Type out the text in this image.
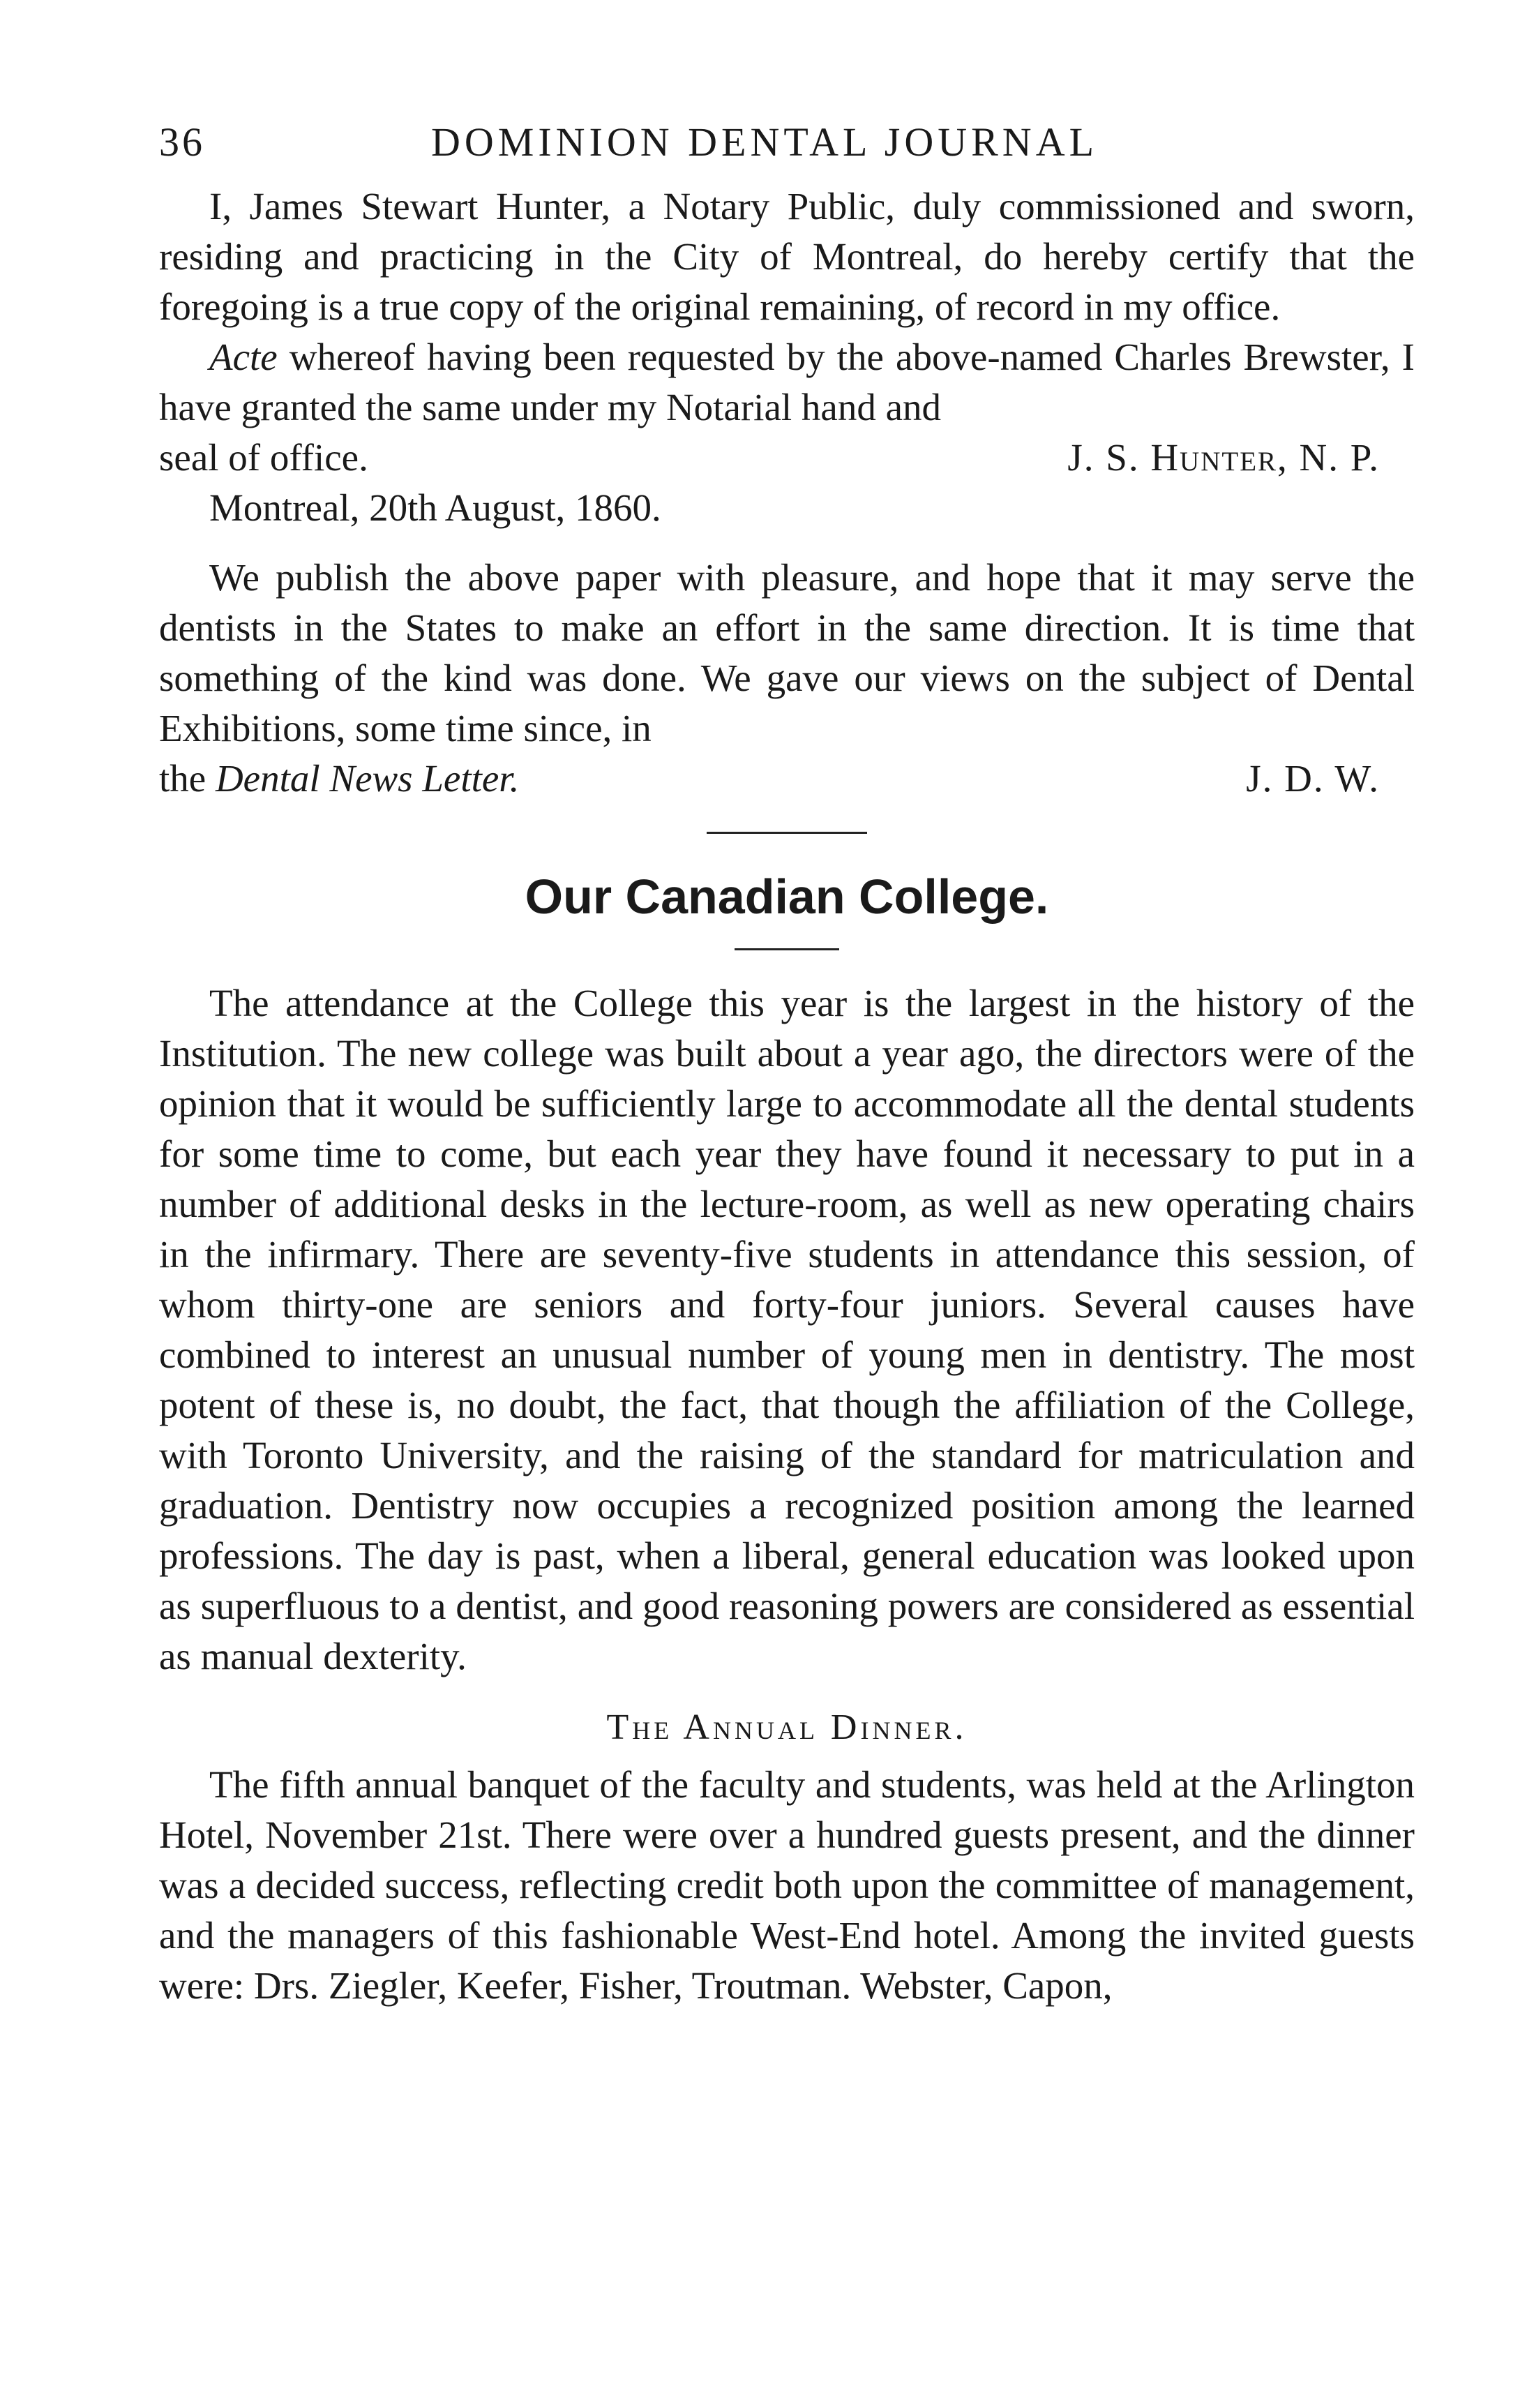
36	DOMINION DENTAL JOURNAL

I, James Stewart Hunter, a Notary Public, duly commissioned and sworn, residing and practicing in the City of Montreal, do hereby certify that the foregoing is a true copy of the original remaining, of record in my office.

Acte whereof having been requested by the above-named Charles Brewster, I have granted the same under my Notarial hand and

seal of office.	J. S. Hunter, N. P.

Montreal, 20th August, 1860.

We publish the above paper with pleasure, and hope that it may serve the dentists in the States to make an effort in the same direction. It is time that something of the kind was done. We gave our views on the subject of Dental Exhibitions, some time since, in

the Dental News Letter.	J. D. W.
Our Canadian College.

The attendance at the College this year is the largest in the history of the Institution. The new college was built about a year ago, the directors were of the opinion that it would be sufficiently large to accommodate all the dental students for some time to come, but each year they have found it necessary to put in a number of additional desks in the lecture-room, as well as new operating chairs in the infirmary. There are seventy-five students in attendance this session, of whom thirty-one are seniors and forty-four juniors. Several causes have combined to interest an unusual number of young men in dentistry. The most potent of these is, no doubt, the fact, that though the affiliation of the College, with Toronto University, and the raising of the standard for matriculation and graduation. Dentistry now occupies a recognized position among the learned professions. The day is past, when a liberal, general education was looked upon as superfluous to a dentist, and good reasoning powers are considered as essential as manual dexterity.

The Annual Dinner.

The fifth annual banquet of the faculty and students, was held at the Arlington Hotel, November 21st. There were over a hundred guests present, and the dinner was a decided success, reflecting credit both upon the committee of management, and the managers of this fashionable West-End hotel. Among the invited guests were: Drs. Ziegler, Keefer, Fisher, Troutman. Webster, Capon,
